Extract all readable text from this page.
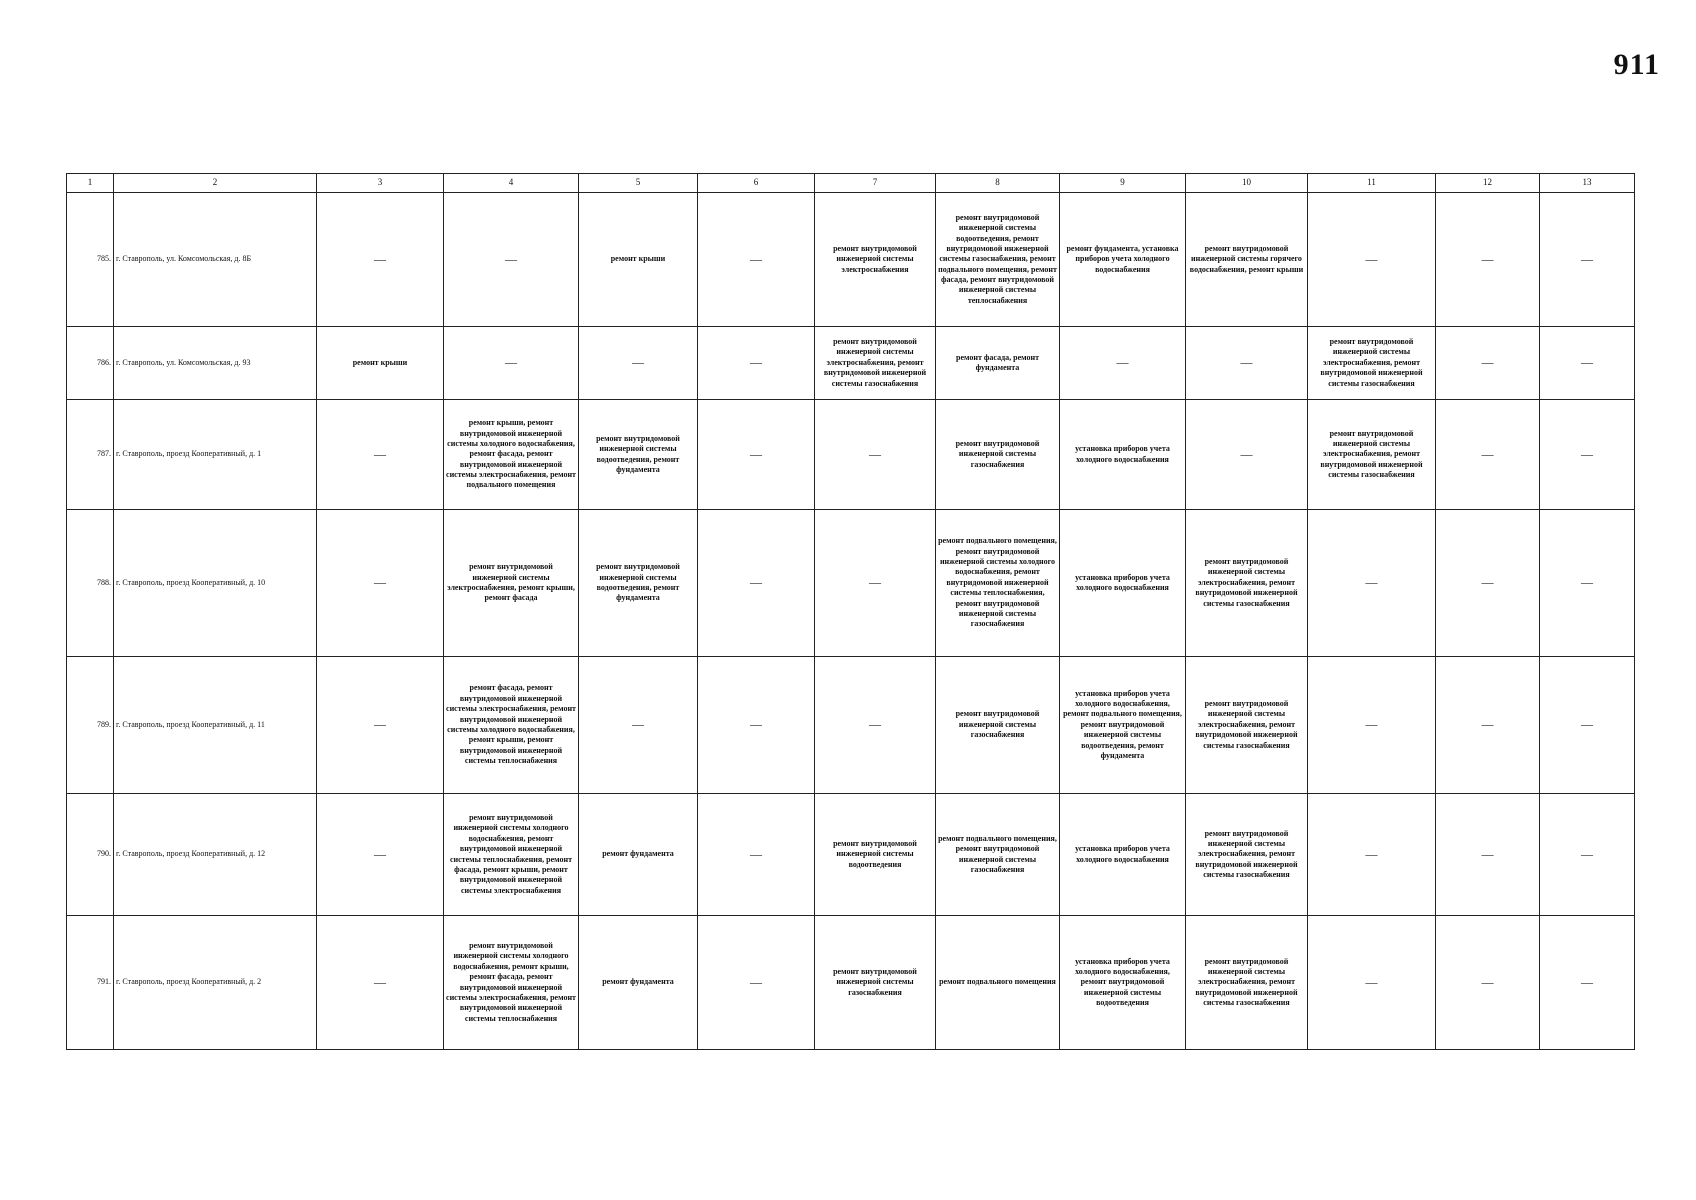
911
1	2	3	4	5	6	7	8	9	10	11	12	13
785.	г. Ставрополь, ул. Комсомольская, д. 8Б	—	—	ремонт крыши	—	ремонт внутридомовой инженерной системы электроснабжения	ремонт внутридомовой инженерной системы водоотведения, ремонт внутридомовой инженерной системы газоснабжения, ремонт подвального помещения, ремонт фасада, ремонт внутридомовой инженерной системы теплоснабжения	ремонт фундамента, установка приборов учета холодного водоснабжения	ремонт внутридомовой инженерной системы горячего водоснабжения, ремонт крыши	—	—	—
786.	г. Ставрополь, ул. Комсомольская, д. 93	ремонт крыши	—	—	—	ремонт внутридомовой инженерной системы электроснабжения, ремонт внутридомовой инженерной системы газоснабжения	ремонт фасада, ремонт фундамента	—	—	ремонт внутридомовой инженерной системы электроснабжения, ремонт внутридомовой инженерной системы газоснабжения	—	—
787.	г. Ставрополь, проезд Кооперативный, д. 1	—	ремонт крыши, ремонт внутридомовой инженерной системы холодного водоснабжения, ремонт фасада, ремонт внутридомовой инженерной системы электроснабжения, ремонт подвального помещения	ремонт внутридомовой инженерной системы водоотведения, ремонт фундамента	—	—	ремонт внутридомовой инженерной системы газоснабжения	установка приборов учета холодного водоснабжения	—	ремонт внутридомовой инженерной системы электроснабжения, ремонт внутридомовой инженерной системы газоснабжения	—	—
788.	г. Ставрополь, проезд Кооперативный, д. 10	—	ремонт внутридомовой инженерной системы электроснабжения, ремонт крыши, ремонт фасада	ремонт внутридомовой инженерной системы водоотведения, ремонт фундамента	—	—	ремонт подвального помещения, ремонт внутридомовой инженерной системы холодного водоснабжения, ремонт внутридомовой инженерной системы теплоснабжения, ремонт внутридомовой инженерной системы газоснабжения	установка приборов учета холодного водоснабжения	ремонт внутридомовой инженерной системы электроснабжения, ремонт внутридомовой инженерной системы газоснабжения	—	—	—
789.	г. Ставрополь, проезд Кооперативный, д. 11	—	ремонт фасада, ремонт внутридомовой инженерной системы электроснабжения, ремонт внутридомовой инженерной системы холодного водоснабжения, ремонт крыши, ремонт внутридомовой инженерной системы теплоснабжения	—	—	—	ремонт внутридомовой инженерной системы газоснабжения	установка приборов учета холодного водоснабжения, ремонт подвального помещения, ремонт внутридомовой инженерной системы водоотведения, ремонт фундамента	ремонт внутридомовой инженерной системы электроснабжения, ремонт внутридомовой инженерной системы газоснабжения	—	—	—
790.	г. Ставрополь, проезд Кооперативный, д. 12	—	ремонт внутридомовой инженерной системы холодного водоснабжения, ремонт внутридомовой инженерной системы теплоснабжения, ремонт фасада, ремонт крыши, ремонт внутридомовой инженерной системы электроснабжения	ремонт фундамента	—	ремонт внутридомовой инженерной системы водоотведения	ремонт подвального помещения, ремонт внутридомовой инженерной системы газоснабжения	установка приборов учета холодного водоснабжения	ремонт внутридомовой инженерной системы электроснабжения, ремонт внутридомовой инженерной системы газоснабжения	—	—	—
791.	г. Ставрополь, проезд Кооперативный, д. 2	—	ремонт внутридомовой инженерной системы холодного водоснабжения, ремонт крыши, ремонт фасада, ремонт внутридомовой инженерной системы электроснабжения, ремонт внутридомовой инженерной системы теплоснабжения	ремонт фундамента	—	ремонт внутридомовой инженерной системы газоснабжения	ремонт подвального помещения	установка приборов учета холодного водоснабжения, ремонт внутридомовой инженерной системы водоотведения	ремонт внутридомовой инженерной системы электроснабжения, ремонт внутридомовой инженерной системы газоснабжения	—	—	—
